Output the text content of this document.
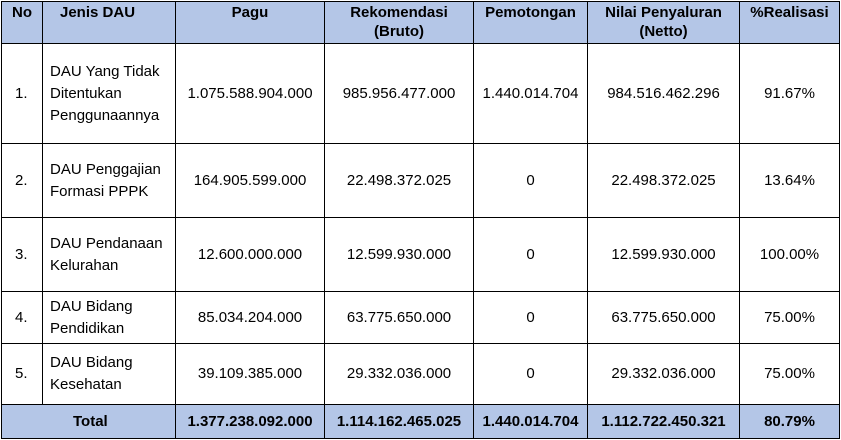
No	Jenis DAU	Pagu	Rekomendasi (Bruto)	Pemotongan	Nilai Penyaluran (Netto)	%Realisasi
1.	DAU Yang Tidak Ditentukan Penggunaannya	1.075.588.904.000	985.956.477.000	1.440.014.704	984.516.462.296	91.67%
2.	DAU Penggajian Formasi PPPK	164.905.599.000	22.498.372.025	0	22.498.372.025	13.64%
3.	DAU Pendanaan Kelurahan	12.600.000.000	12.599.930.000	0	12.599.930.000	100.00%
4.	DAU Bidang Pendidikan	85.034.204.000	63.775.650.000	0	63.775.650.000	75.00%
5.	DAU Bidang Kesehatan	39.109.385.000	29.332.036.000	0	29.332.036.000	75.00%
Total		1.377.238.092.000	1.114.162.465.025	1.440.014.704	1.112.722.450.321	80.79%
